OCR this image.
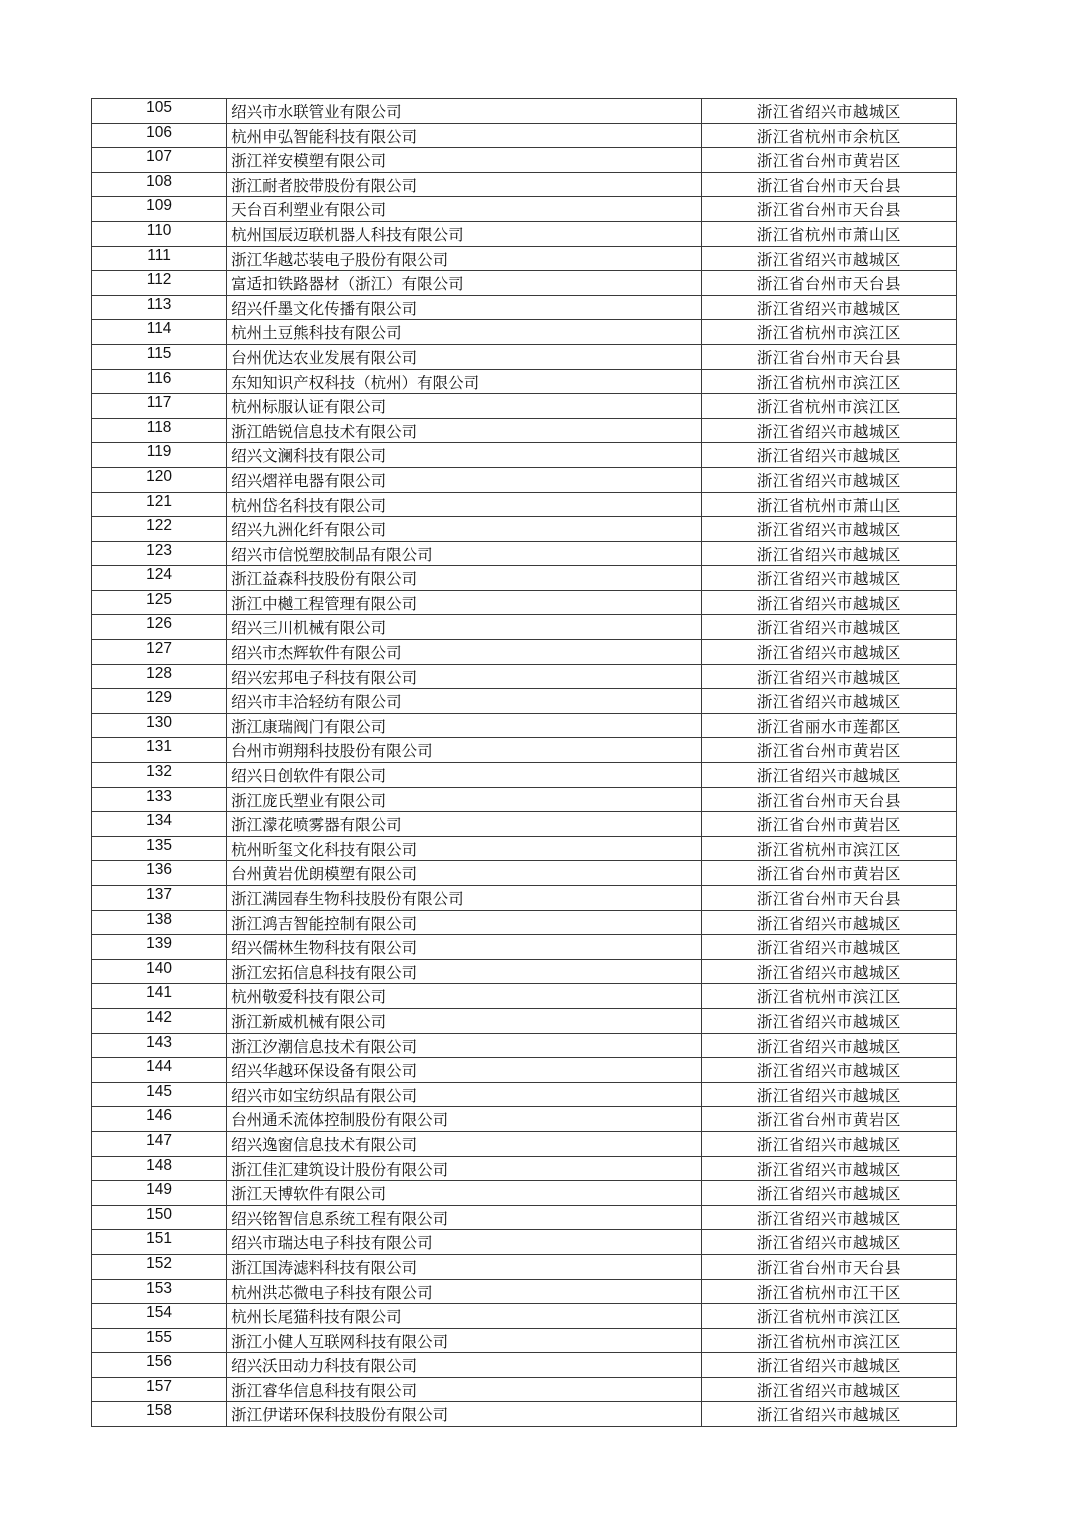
105	绍兴市水联管业有限公司	浙江省绍兴市越城区
106	杭州申弘智能科技有限公司	浙江省杭州市余杭区
107	浙江祥安模塑有限公司	浙江省台州市黄岩区
108	浙江耐者胶带股份有限公司	浙江省台州市天台县
109	天台百利塑业有限公司	浙江省台州市天台县
110	杭州国辰迈联机器人科技有限公司	浙江省杭州市萧山区
111	浙江华越芯装电子股份有限公司	浙江省绍兴市越城区
112	富适扣铁路器材（浙江）有限公司	浙江省台州市天台县
113	绍兴仟墨文化传播有限公司	浙江省绍兴市越城区
114	杭州土豆熊科技有限公司	浙江省杭州市滨江区
115	台州优达农业发展有限公司	浙江省台州市天台县
116	东知知识产权科技（杭州）有限公司	浙江省杭州市滨江区
117	杭州标服认证有限公司	浙江省杭州市滨江区
118	浙江皓锐信息技术有限公司	浙江省绍兴市越城区
119	绍兴文澜科技有限公司	浙江省绍兴市越城区
120	绍兴熠祥电器有限公司	浙江省绍兴市越城区
121	杭州岱名科技有限公司	浙江省杭州市萧山区
122	绍兴九洲化纤有限公司	浙江省绍兴市越城区
123	绍兴市信悦塑胶制品有限公司	浙江省绍兴市越城区
124	浙江益森科技股份有限公司	浙江省绍兴市越城区
125	浙江中樾工程管理有限公司	浙江省绍兴市越城区
126	绍兴三川机械有限公司	浙江省绍兴市越城区
127	绍兴市杰辉软件有限公司	浙江省绍兴市越城区
128	绍兴宏邦电子科技有限公司	浙江省绍兴市越城区
129	绍兴市丰洽轻纺有限公司	浙江省绍兴市越城区
130	浙江康瑞阀门有限公司	浙江省丽水市莲都区
131	台州市朔翔科技股份有限公司	浙江省台州市黄岩区
132	绍兴日创软件有限公司	浙江省绍兴市越城区
133	浙江庞氏塑业有限公司	浙江省台州市天台县
134	浙江濛花喷雾器有限公司	浙江省台州市黄岩区
135	杭州昕玺文化科技有限公司	浙江省杭州市滨江区
136	台州黄岩优朗模塑有限公司	浙江省台州市黄岩区
137	浙江满园春生物科技股份有限公司	浙江省台州市天台县
138	浙江鸿吉智能控制有限公司	浙江省绍兴市越城区
139	绍兴儒林生物科技有限公司	浙江省绍兴市越城区
140	浙江宏拓信息科技有限公司	浙江省绍兴市越城区
141	杭州敬爱科技有限公司	浙江省杭州市滨江区
142	浙江新威机械有限公司	浙江省绍兴市越城区
143	浙江汐潮信息技术有限公司	浙江省绍兴市越城区
144	绍兴华越环保设备有限公司	浙江省绍兴市越城区
145	绍兴市如宝纺织品有限公司	浙江省绍兴市越城区
146	台州通禾流体控制股份有限公司	浙江省台州市黄岩区
147	绍兴逸窗信息技术有限公司	浙江省绍兴市越城区
148	浙江佳汇建筑设计股份有限公司	浙江省绍兴市越城区
149	浙江天博软件有限公司	浙江省绍兴市越城区
150	绍兴铭智信息系统工程有限公司	浙江省绍兴市越城区
151	绍兴市瑞达电子科技有限公司	浙江省绍兴市越城区
152	浙江国涛滤料科技有限公司	浙江省台州市天台县
153	杭州洪芯微电子科技有限公司	浙江省杭州市江干区
154	杭州长尾猫科技有限公司	浙江省杭州市滨江区
155	浙江小健人互联网科技有限公司	浙江省杭州市滨江区
156	绍兴沃田动力科技有限公司	浙江省绍兴市越城区
157	浙江睿华信息科技有限公司	浙江省绍兴市越城区
158	浙江伊诺环保科技股份有限公司	浙江省绍兴市越城区
